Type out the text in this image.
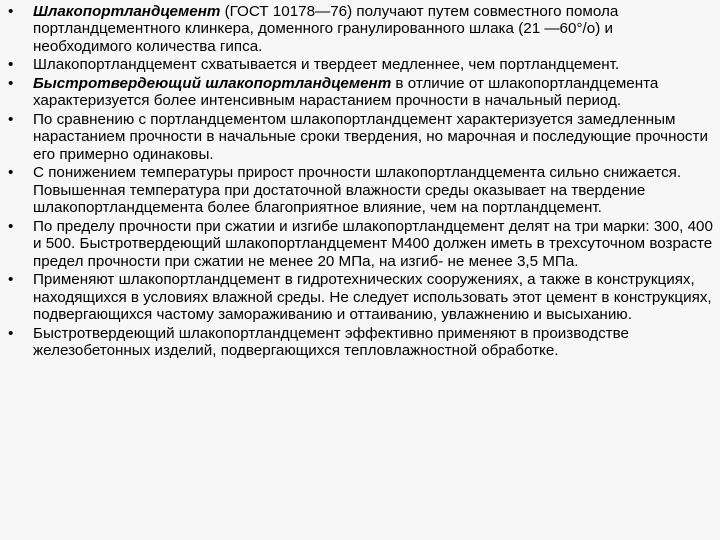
•	Шлакопортландцемент (ГОСТ 10178—76) получают путем совместного помола портландцементного клинкера, доменного гранулированного шлака (21 —60°/о) и необходимого количества гипса.
•	Шлакопортландцемент схватывается и твердеет медленнее, чем портландцемент.
•	Быстротвердеющий шлакопортландцемент в отличие от шлакопортландцемента характеризуется более интенсивным нарастанием прочности в начальный период.
•	По сравнению с портландцементом шлакопортландцемент характеризуется замедленным нарастанием прочности в начальные сроки твердения, но марочная и последующие прочности его примерно одинаковы.
•	С понижением температуры прирост прочности шлакопортландцемента сильно снижается. Повышенная температура при достаточной влажности среды оказывает на твердение шлакопортландцемента более благоприятное влияние, чем на портландцемент.
•	По пределу прочности при сжатии и изгибе шлакопортландцемент делят на три марки: 300, 400 и 500. Быстротвердеющий шлакопортландцемент М400 должен иметь в трехсуточном возрасте предел прочности при сжатии не менее 20 МПа, на изгиб- не менее 3,5 МПа.
•	Применяют шлакопортландцемент в гидротехнических сооружениях, а также в конструкциях, находящихся в условиях влажной среды. Не следует использовать этот цемент в конструкциях, подвергающихся частому замораживанию и оттаиванию, увлажнению и высыханию.
•	Быстротвердеющий шлакопортландцемент эффективно применяют в производстве железобетонных изделий, подвергающихся тепловлажностной обработке.
